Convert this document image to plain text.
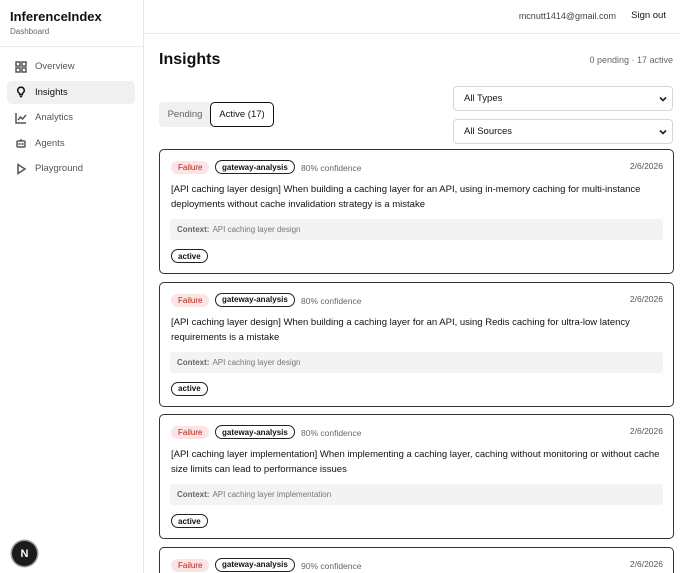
InferenceIndex
Dashboard
Overview
Insights
Analytics
Agents
Playground
N
mcnutt1414@gmail.com Sign out
Insights	0 pending · 17 active
Pending	Active (17)
All Types
All Sources
Failure	gateway-analysis	80% confidence	2/6/2026

[API caching layer design] When building a caching layer for an API, using in-memory caching for multi-instance deployments without cache invalidation strategy is a mistake

Context: API caching layer design
active
Failure	gateway-analysis	80% confidence	2/6/2026

[API caching layer design] When building a caching layer for an API, using Redis caching for ultra-low latency requirements is a mistake

Context: API caching layer design
active
Failure	gateway-analysis	80% confidence	2/6/2026

[API caching layer implementation] When implementing a caching layer, caching without monitoring or without cache size limits can lead to performance issues

Context: API caching layer implementation
active
Failure	gateway-analysis	90% confidence	2/6/2026
